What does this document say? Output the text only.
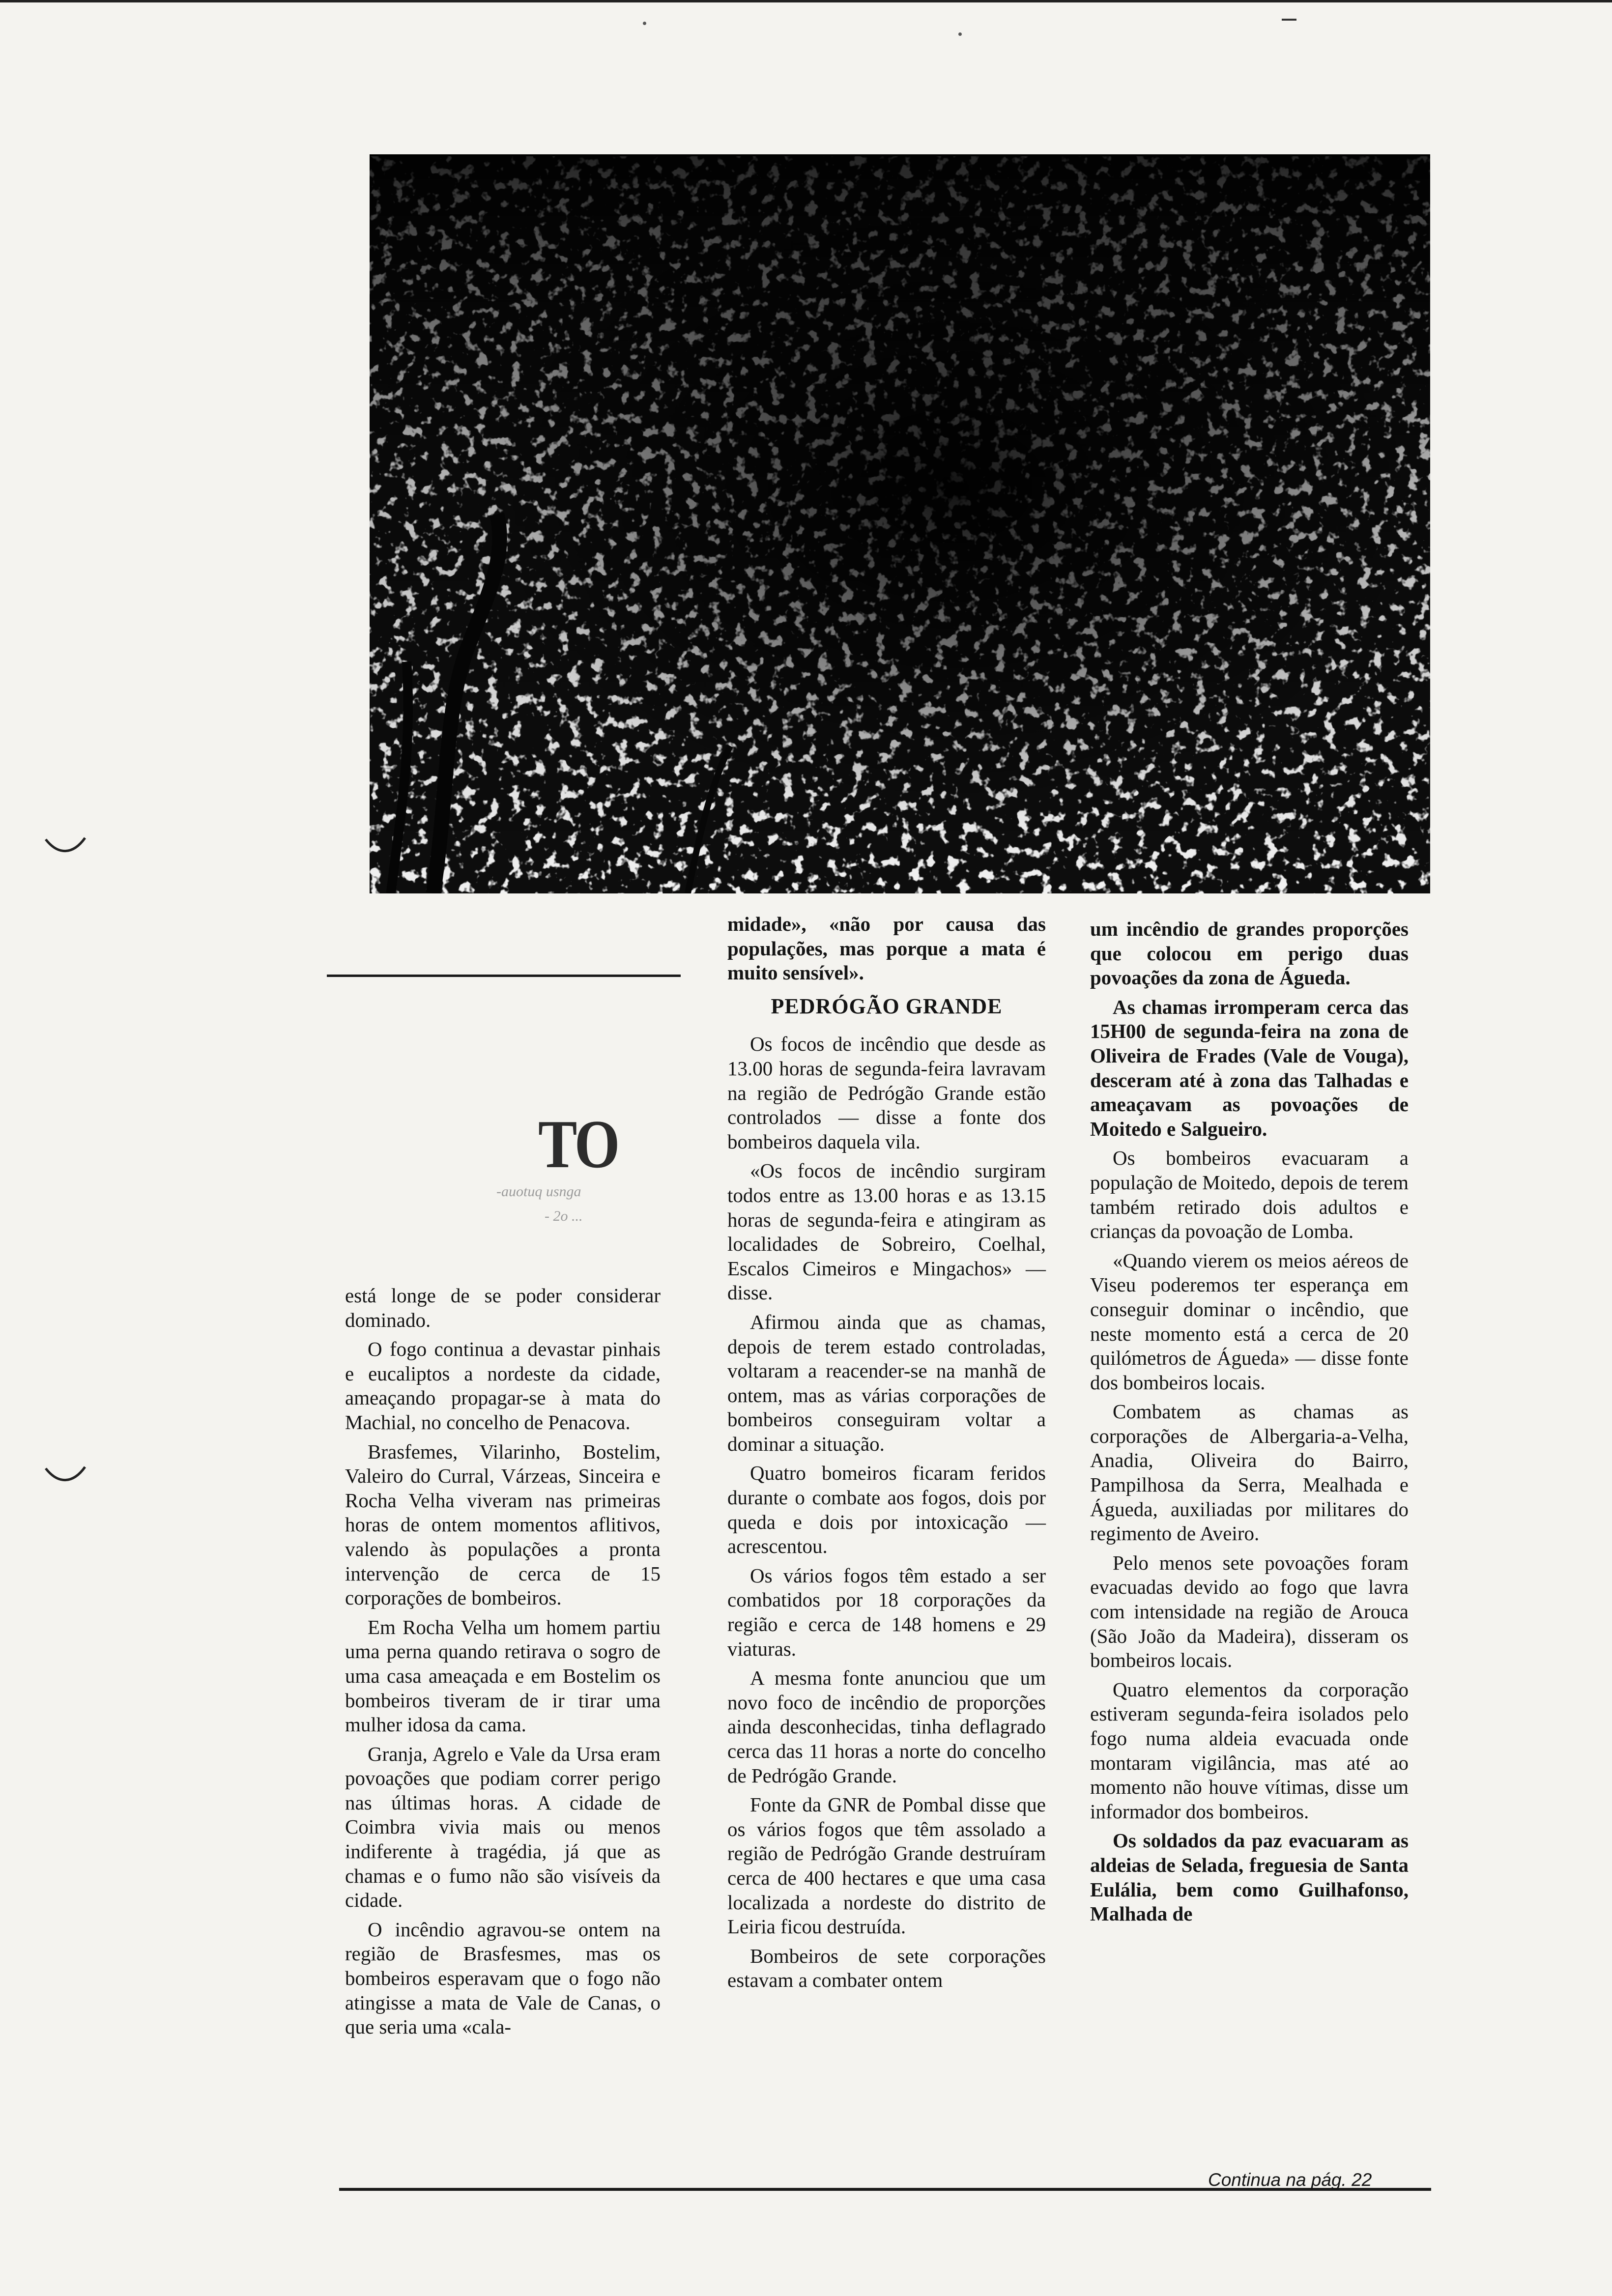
TO
-auotuq usnga
- 2o ...

está longe de se poder considerar dominado.

O fogo continua a devastar pinhais e eucaliptos a nordeste da cidade, ameaçando propagar-se à mata do Machial, no concelho de Penacova.

Brasfemes, Vilarinho, Bostelim, Valeiro do Curral, Várzeas, Sinceira e Rocha Velha viveram nas primeiras horas de ontem momentos aflitivos, valendo às populações a pronta intervenção de cerca de 15 corporações de bombeiros.

Em Rocha Velha um homem partiu uma perna quando retirava o sogro de uma casa ameaçada e em Bostelim os bombeiros tiveram de ir tirar uma mulher idosa da cama.

Granja, Agrelo e Vale da Ursa eram povoações que podiam correr perigo nas últimas horas. A cidade de Coimbra vivia mais ou menos indiferente à tragédia, já que as chamas e o fumo não são visíveis da cidade.

O incêndio agravou-se ontem na região de Brasfesmes, mas os bombeiros esperavam que o fogo não atingisse a mata de Vale de Canas, o que seria uma «cala-

midade», «não por causa das populações, mas porque a mata é muito sensível».

PEDRÓGÃO GRANDE

Os focos de incêndio que desde as 13.00 horas de segunda-feira lavravam na região de Pedrógão Grande estão controlados — disse a fonte dos bombeiros daquela vila.

«Os focos de incêndio surgiram todos entre as 13.00 horas e as 13.15 horas de segunda-feira e atingiram as localidades de Sobreiro, Coelhal, Escalos Cimeiros e Mingachos» — disse.

Afirmou ainda que as chamas, depois de terem estado controladas, voltaram a reacender-se na manhã de ontem, mas as várias corporações de bombeiros conseguiram voltar a dominar a situação.

Quatro bomeiros ficaram feridos durante o combate aos fogos, dois por queda e dois por intoxicação — acrescentou.

Os vários fogos têm estado a ser combatidos por 18 corporações da região e cerca de 148 homens e 29 viaturas.

A mesma fonte anunciou que um novo foco de incêndio de proporções ainda desconhecidas, tinha deflagrado cerca das 11 horas a norte do concelho de Pedrógão Grande.

Fonte da GNR de Pombal disse que os vários fogos que têm assolado a região de Pedrógão Grande destruíram cerca de 400 hectares e que uma casa localizada a nordeste do distrito de Leiria ficou destruída.

Bombeiros de sete corporações estavam a combater ontem

um incêndio de grandes proporções que colocou em perigo duas povoações da zona de Águeda.

As chamas irromperam cerca das 15H00 de segunda-feira na zona de Oliveira de Frades (Vale de Vouga), desceram até à zona das Talhadas e ameaçavam as povoações de Moitedo e Salgueiro.

Os bombeiros evacuaram a população de Moitedo, depois de terem também retirado dois adultos e crianças da povoação de Lomba.

«Quando vierem os meios aéreos de Viseu poderemos ter esperança em conseguir dominar o incêndio, que neste momento está a cerca de 20 quilómetros de Águeda» — disse fonte dos bombeiros locais.

Combatem as chamas as corporações de Albergaria-a-Velha, Anadia, Oliveira do Bairro, Pampilhosa da Serra, Mealhada e Águeda, auxiliadas por militares do regimento de Aveiro.

Pelo menos sete povoações foram evacuadas devido ao fogo que lavra com intensidade na região de Arouca (São João da Madeira), disseram os bombeiros locais.

Quatro elementos da corporação estiveram segunda-feira isolados pelo fogo numa aldeia evacuada onde montaram vigilância, mas até ao momento não houve vítimas, disse um informador dos bombeiros.

Os soldados da paz evacuaram as aldeias de Selada, freguesia de Santa Eulália, bem como Guilhafonso, Malhada de

Continua na pág. 22
